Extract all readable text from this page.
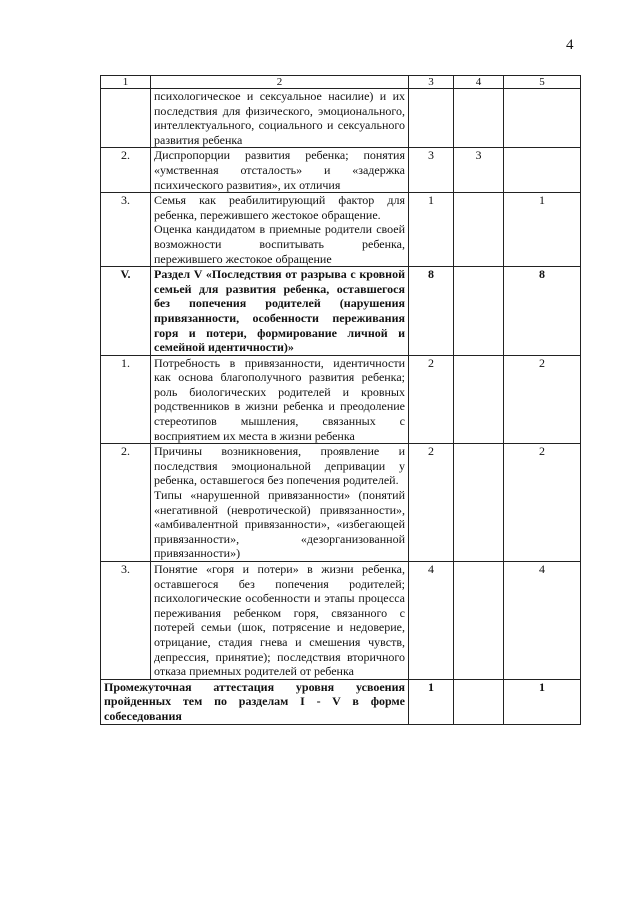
4
1	2	3	4	5

	психологическое и сексуальное насилие) и их последствия для физического, эмоционального, интеллектуального, социального и сексуального развития ребенка			

2.	Диспропорции развития ребенка; понятия «умственная отсталость» и «задержка психического развития», их отличия	3	3	
3.	Семья как реабилитирующий фактор для ребенка, пережившего жестокое обращение.
Оценка кандидатом в приемные родители своей возможности воспитывать ребенка, пережившего жестокое обращение	1		1
V.	Раздел V «Последствия от разрыва с кровной семьей для развития ребенка, оставшегося без попечения родителей (нарушения привязанности, особенности переживания горя и потери, формирование личной и семейной идентичности)»	8		8
1.	Потребность в привязанности, идентичности как основа благополучного развития ребенка; роль биологических родителей и кровных родственников в жизни ребенка и преодоление стереотипов мышления, связанных с восприятием их места в жизни ребенка	2		2
2.	Причины возникновения, проявление и последствия эмоциональной депривации у ребенка, оставшегося без попечения родителей.
Типы «нарушенной привязанности» (понятий «негативной (невротической) привязанности», «амбивалентной привязанности», «избегающей привязанности», «дезорганизованной привязанности»)	2		2
3.	Понятие «горя и потери» в жизни ребенка, оставшегося без попечения родителей; психологические особенности и этапы процесса переживания ребенком горя, связанного с потерей семьи (шок, потрясение и недоверие, отрицание, стадия гнева и смешения чувств, депрессия, принятие); последствия вторичного отказа приемных родителей от ребенка	4		4
Промежуточная аттестация уровня усвоения пройденных тем по разделам I - V в форме собеседования		1		1
